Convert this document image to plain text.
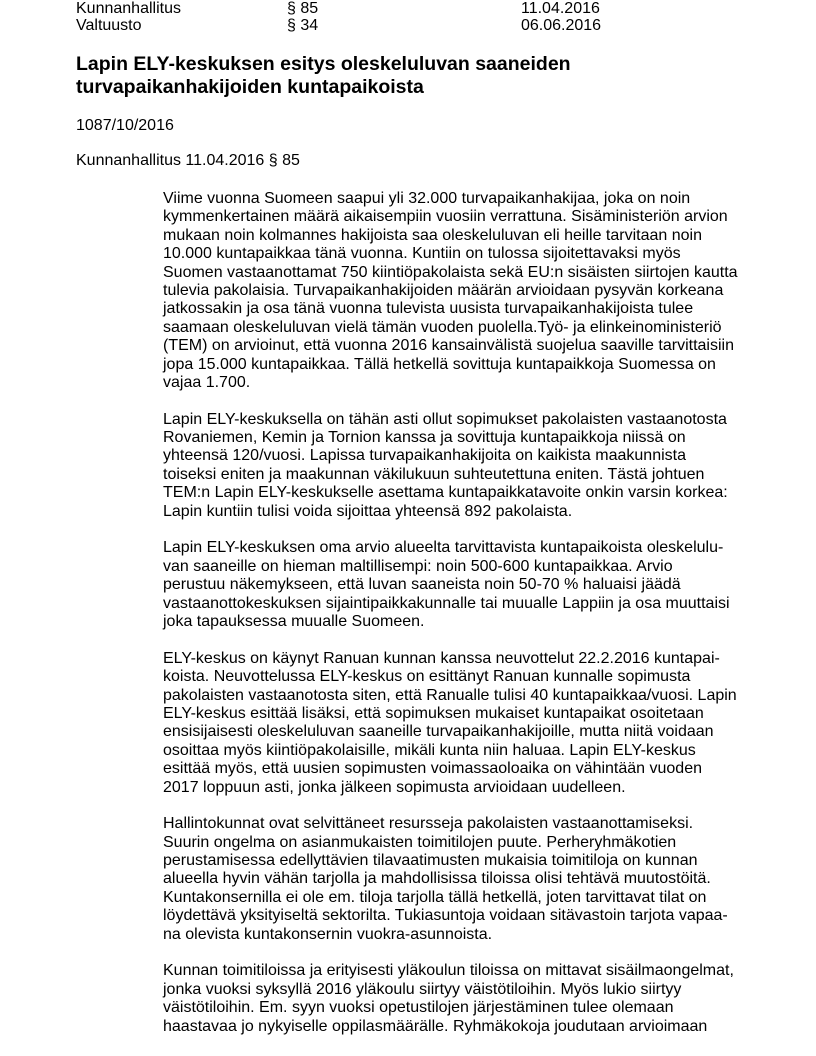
Kunnanhallitus	§ 85	11.04.2016
Valtuusto	§ 34	06.06.2016
Lapin ELY-keskuksen esitys oleskeluluvan saaneiden
turvapaikanhakijoiden kuntapaikoista
1087/10/2016
Kunnanhallitus 11.04.2016 § 85

Viime vuonna Suomeen saapui yli 32.000 turvapaikanhakijaa, joka on noin
kymmenkertainen määrä aikaisempiin vuosiin verrattuna. Sisäministeriön arvion
mukaan noin kolmannes hakijoista saa oleskeluluvan eli heille tarvitaan noin
10.000 kuntapaikkaa tänä vuonna. Kuntiin on tulossa sijoitettavaksi myös
Suomen vastaanottamat 750 kiintiöpakolaista sekä EU:n sisäisten siirtojen kautta
tulevia pakolaisia. Turvapaikanhakijoiden määrän arvioidaan pysyvän korkeana
jatkossakin ja osa tänä vuonna tulevista uusista turvapaikanhakijoista tulee
saamaan oleskeluluvan vielä tämän vuoden puolella.Työ- ja elinkeinoministeriö
(TEM) on arvioinut, että vuonna 2016 kansainvälistä suojelua saaville tarvittaisiin
jopa 15.000 kuntapaikkaa. Tällä hetkellä sovittuja kuntapaikkoja Suomessa on
vajaa 1.700.

Lapin ELY-keskuksella on tähän asti ollut sopimukset pakolaisten vastaanotosta
Rovaniemen, Kemin ja Tornion kanssa ja sovittuja kuntapaikkoja niissä on
yhteensä 120/vuosi. Lapissa turvapaikanhakijoita on kaikista maakunnista
toiseksi eniten ja maakunnan väkilukuun suhteutettuna eniten. Tästä johtuen
TEM:n Lapin ELY-keskukselle asettama kuntapaikkatavoite onkin varsin korkea:
Lapin kuntiin tulisi voida sijoittaa yhteensä 892 pakolaista.

Lapin ELY-keskuksen oma arvio alueelta tarvittavista kuntapaikoista oleskelulu-
van saaneille on hieman maltillisempi: noin 500-600 kuntapaikkaa. Arvio
perustuu näkemykseen, että luvan saaneista noin 50-70 % haluaisi jäädä
vastaanottokeskuksen sijaintipaikkakunnalle tai muualle Lappiin ja osa muuttaisi
joka tapauksessa muualle Suomeen.

ELY-keskus on käynyt Ranuan kunnan kanssa neuvottelut 22.2.2016 kuntapai-
koista. Neuvottelussa ELY-keskus on esittänyt Ranuan kunnalle sopimusta
pakolaisten vastaanotosta siten, että Ranualle tulisi 40 kuntapaikkaa/vuosi. Lapin
ELY-keskus esittää lisäksi, että sopimuksen mukaiset kuntapaikat osoitetaan
ensisijaisesti oleskeluluvan saaneille turvapaikanhakijoille, mutta niitä voidaan
osoittaa myös kiintiöpakolaisille, mikäli kunta niin haluaa. Lapin ELY-keskus
esittää myös, että uusien sopimusten voimassaoloaika on vähintään vuoden
2017 loppuun asti, jonka jälkeen sopimusta arvioidaan uudelleen.

Hallintokunnat ovat selvittäneet resursseja pakolaisten vastaanottamiseksi.
Suurin ongelma on asianmukaisten toimitilojen puute. Perheryhmäkotien
perustamisessa edellyttävien tilavaatimusten mukaisia toimitiloja on kunnan
alueella hyvin vähän tarjolla ja mahdollisissa tiloissa olisi tehtävä muutostöitä.
Kuntakonsernilla ei ole em. tiloja tarjolla tällä hetkellä, joten tarvittavat tilat on
löydettävä yksityiseltä sektorilta. Tukiasuntoja voidaan sitävastoin tarjota vapaa-
na olevista kuntakonsernin vuokra-asunnoista.

Kunnan toimitiloissa ja erityisesti yläkoulun tiloissa on mittavat sisäilmaongelmat,
jonka vuoksi syksyllä 2016 yläkoulu siirtyy väistötiloihin. Myös lukio siirtyy
väistötiloihin. Em. syyn vuoksi opetustilojen järjestäminen tulee olemaan
haastavaa jo nykyiselle oppilasmäärälle. Ryhmäkokoja joudutaan arvioimaan
